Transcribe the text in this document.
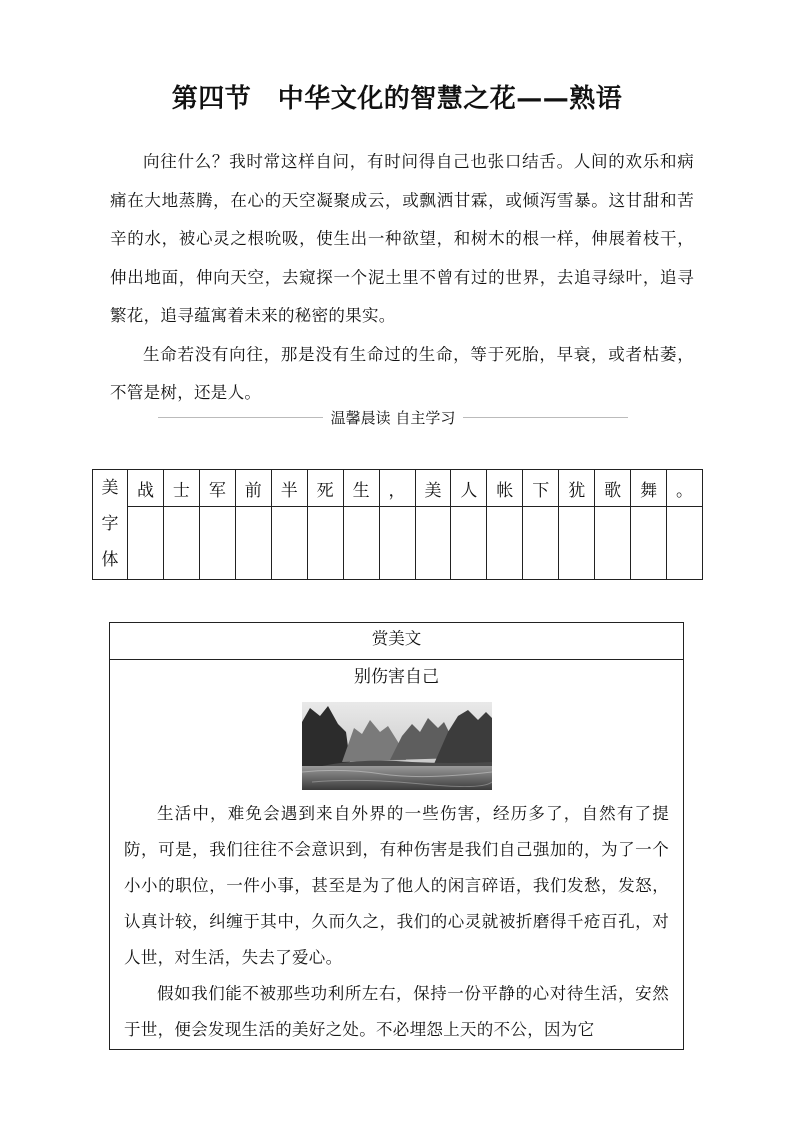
第四节　中华文化的智慧之花——熟语

向往什么？我时常这样自问，有时问得自己也张口结舌。人间的欢乐和病痛在大地蒸腾，在心的天空凝聚成云，或飘洒甘霖，或倾泻雪暴。这甘甜和苦辛的水，被心灵之根吮吸，使生出一种欲望，和树木的根一样，伸展着枝干，伸出地面，伸向天空，去窥探一个泥土里不曾有过的世界，去追寻绿叶，追寻繁花，追寻蕴寓着未来的秘密的果实。

生命若没有向往，那是没有生命过的生命，等于死胎，早衰，或者枯萎，不管是树，还是人。

温馨晨读 自主学习
美
字
体	战	士	军	前	半	死	生	，	美	人	帐	下	犹	歌	舞	。

赏美文
别伤害自己

生活中，难免会遇到来自外界的一些伤害，经历多了，自然有了提防，可是，我们往往不会意识到，有种伤害是我们自己强加的，为了一个小小的职位，一件小事，甚至是为了他人的闲言碎语，我们发愁，发怒，认真计较，纠缠于其中，久而久之，我们的心灵就被折磨得千疮百孔，对人世，对生活，失去了爱心。

假如我们能不被那些功利所左右，保持一份平静的心对待生活，安然于世，便会发现生活的美好之处。不必埋怨上天的不公，因为它
